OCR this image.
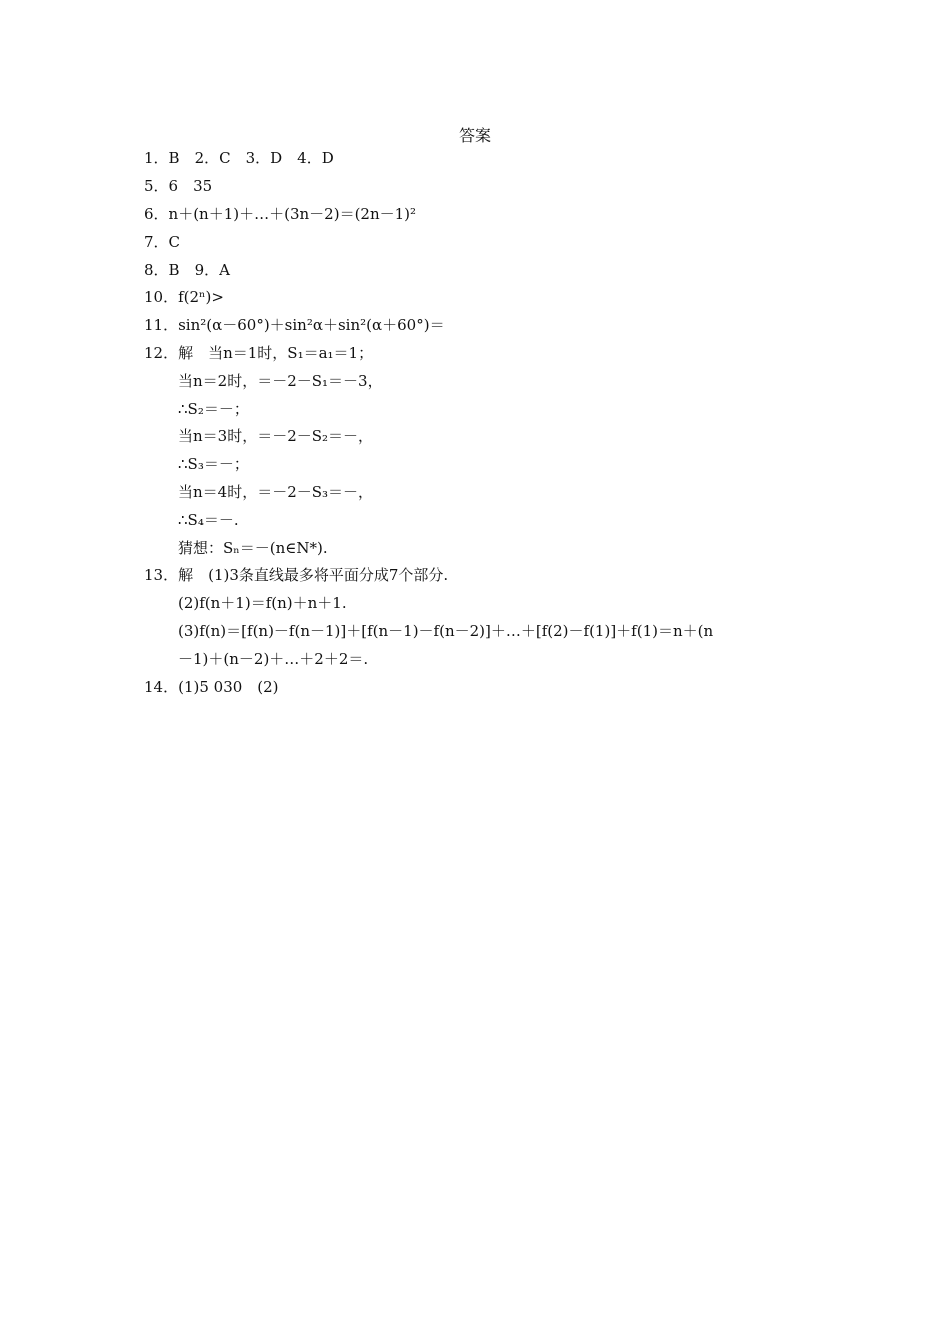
答案
1．B　2．C　3．D　4．D
5．6　35
6．n＋(n＋1)＋…＋(3n－2)＝(2n－1)²
7．C
8．B　9．A
10．f(2ⁿ)>
11．sin²(α－60°)＋sin²α＋sin²(α＋60°)＝
12．解　当n＝1时，S₁＝a₁＝1；
当n＝2时，＝－2－S₁＝－3，
∴S₂＝－；
当n＝3时，＝－2－S₂＝－，
∴S₃＝－；
当n＝4时，＝－2－S₃＝－，
∴S₄＝－.
猜想：Sₙ＝－(n∈N*).
13．解　(1)3条直线最多将平面分成7个部分.
(2)f(n＋1)＝f(n)＋n＋1.
(3)f(n)＝[f(n)－f(n－1)]＋[f(n－1)－f(n－2)]＋…＋[f(2)－f(1)]＋f(1)＝n＋(n
－1)＋(n－2)＋…＋2＋2＝.
14．(1)5 030　(2)
